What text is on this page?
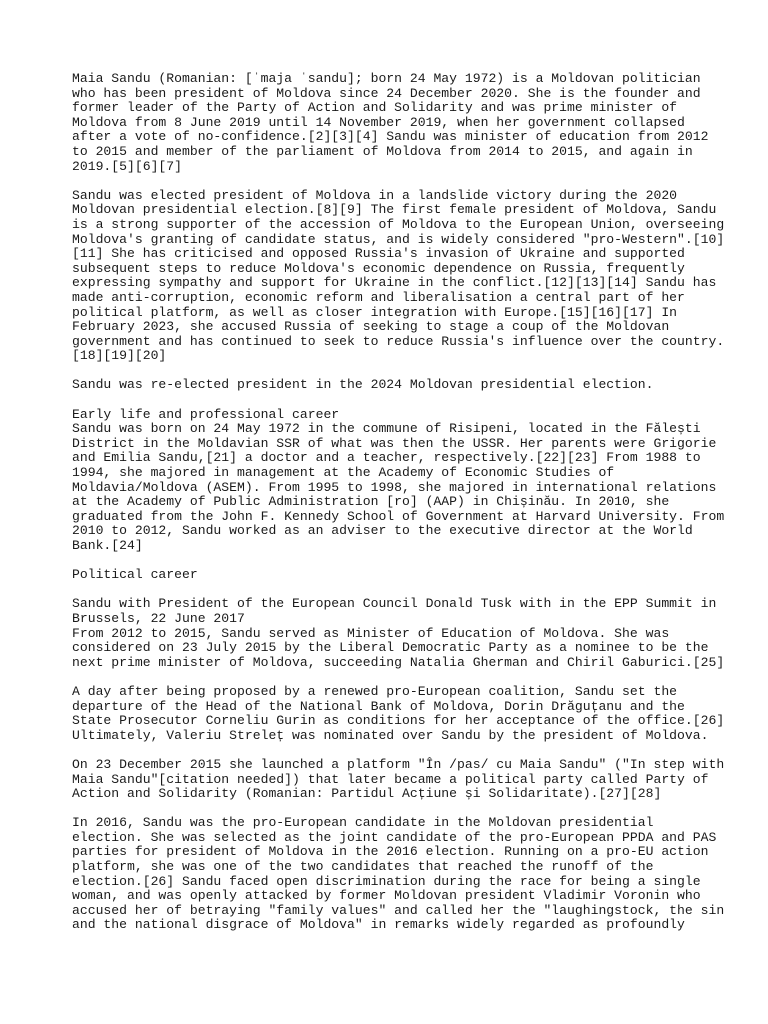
Maia Sandu (Romanian: [ˈmaja ˈsandu]; born 24 May 1972) is a Moldovan politician
who has been president of Moldova since 24 December 2020. She is the founder and
former leader of the Party of Action and Solidarity and was prime minister of
Moldova from 8 June 2019 until 14 November 2019, when her government collapsed
after a vote of no-confidence.[2][3][4] Sandu was minister of education from 2012
to 2015 and member of the parliament of Moldova from 2014 to 2015, and again in
2019.[5][6][7]

Sandu was elected president of Moldova in a landslide victory during the 2020
Moldovan presidential election.[8][9] The first female president of Moldova, Sandu
is a strong supporter of the accession of Moldova to the European Union, overseeing
Moldova's granting of candidate status, and is widely considered "pro-Western".[10]
[11] She has criticised and opposed Russia's invasion of Ukraine and supported
subsequent steps to reduce Moldova's economic dependence on Russia, frequently
expressing sympathy and support for Ukraine in the conflict.[12][13][14] Sandu has
made anti-corruption, economic reform and liberalisation a central part of her
political platform, as well as closer integration with Europe.[15][16][17] In
February 2023, she accused Russia of seeking to stage a coup of the Moldovan
government and has continued to seek to reduce Russia's influence over the country.
[18][19][20]

Sandu was re-elected president in the 2024 Moldovan presidential election.

Early life and professional career

Sandu was born on 24 May 1972 in the commune of Risipeni, located in the Fălești
District in the Moldavian SSR of what was then the USSR. Her parents were Grigorie
and Emilia Sandu,[21] a doctor and a teacher, respectively.[22][23] From 1988 to
1994, she majored in management at the Academy of Economic Studies of
Moldavia/Moldova (ASEM). From 1995 to 1998, she majored in international relations
at the Academy of Public Administration [ro] (AAP) in Chișinău. In 2010, she
graduated from the John F. Kennedy School of Government at Harvard University. From
2010 to 2012, Sandu worked as an adviser to the executive director at the World
Bank.[24]

Political career

Sandu with President of the European Council Donald Tusk with in the EPP Summit in
Brussels, 22 June 2017

From 2012 to 2015, Sandu served as Minister of Education of Moldova. She was
considered on 23 July 2015 by the Liberal Democratic Party as a nominee to be the
next prime minister of Moldova, succeeding Natalia Gherman and Chiril Gaburici.[25]

A day after being proposed by a renewed pro-European coalition, Sandu set the
departure of the Head of the National Bank of Moldova, Dorin Drăguțanu and the
State Prosecutor Corneliu Gurin as conditions for her acceptance of the office.[26]
Ultimately, Valeriu Streleț was nominated over Sandu by the president of Moldova.

On 23 December 2015 she launched a platform "În /pas/ cu Maia Sandu" ("In step with
Maia Sandu"[citation needed]) that later became a political party called Party of
Action and Solidarity (Romanian: Partidul Acțiune și Solidaritate).[27][28]

In 2016, Sandu was the pro-European candidate in the Moldovan presidential
election. She was selected as the joint candidate of the pro-European PPDA and PAS
parties for president of Moldova in the 2016 election. Running on a pro-EU action
platform, she was one of the two candidates that reached the runoff of the
election.[26] Sandu faced open discrimination during the race for being a single
woman, and was openly attacked by former Moldovan president Vladimir Voronin who
accused her of betraying "family values" and called her the "laughingstock, the sin
and the national disgrace of Moldova" in remarks widely regarded as profoundly
